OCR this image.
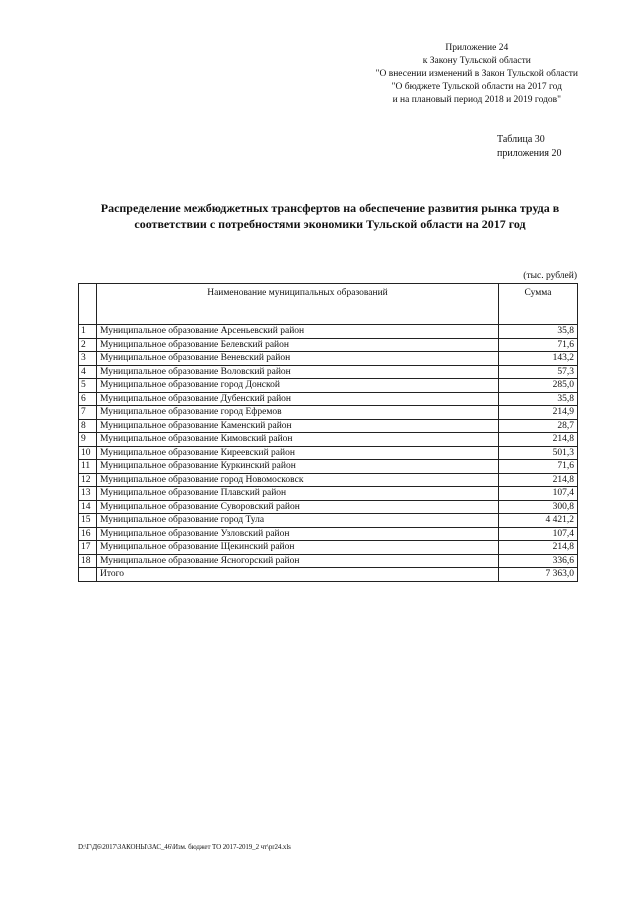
Приложение 24
к Закону Тульской области
"О внесении изменений в Закон Тульской области
"О бюджете Тульской области на 2017 год
и на плановый период 2018 и 2019 годов"
Таблица 30
приложения 20
Распределение межбюджетных трансфертов на обеспечение развития рынка труда в
соответствии с потребностями экономики Тульской области на 2017 год
(тыс. рублей)
	Наименование муниципальных образований	Сумма
1	Муниципальное образование Арсеньевский район	35,8
2	Муниципальное образование Белевский район	71,6
3	Муниципальное образование Веневский район	143,2
4	Муниципальное образование Воловский район	57,3
5	Муниципальное образование город Донской	285,0
6	Муниципальное образование Дубенский район	35,8
7	Муниципальное образование город Ефремов	214,9
8	Муниципальное образование Каменский район	28,7
9	Муниципальное образование Кимовский район	214,8
10	Муниципальное образование Киреевский район	501,3
11	Муниципальное образование Куркинский район	71,6
12	Муниципальное образование город Новомосковск	214,8
13	Муниципальное образование Плавский район	107,4
14	Муниципальное образование Суворовский район	300,8
15	Муниципальное образование город Тула	4 421,2
16	Муниципальное образование Узловский район	107,4
17	Муниципальное образование Щекинский район	214,8
18	Муниципальное образование Ясногорский район	336,6
	Итого	7 363,0
D:\Г\Д6\2017\ЗАКОНЫ\ЗАС_46\Изм. бюджет ТО 2017-2019_2 чт\pr24.xls
